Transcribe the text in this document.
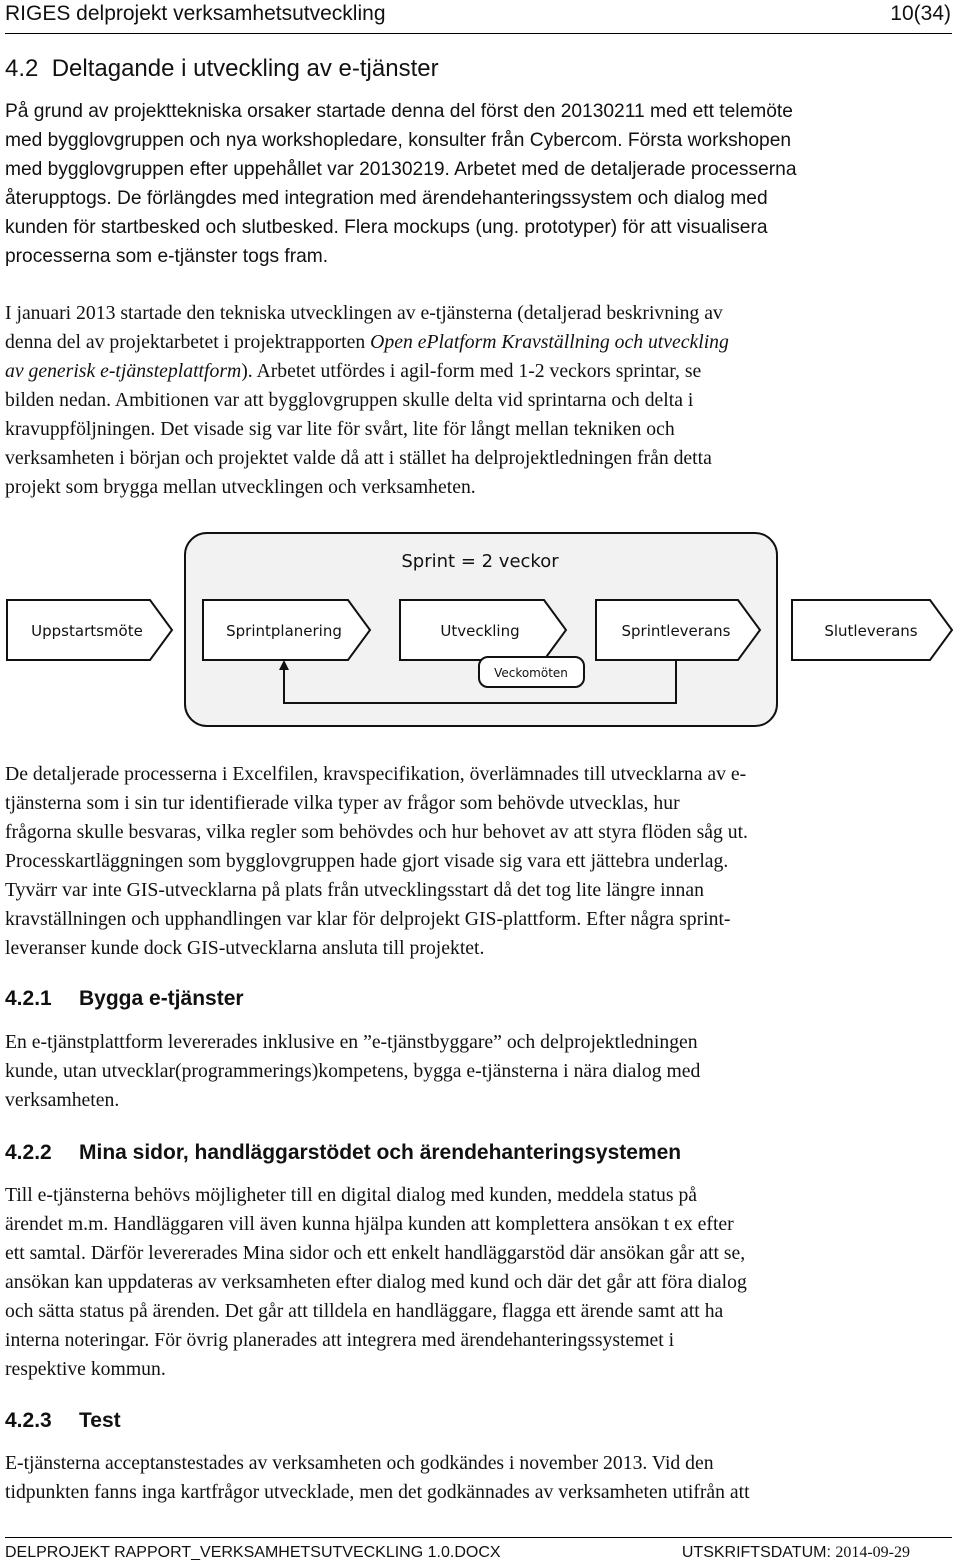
RIGES delprojekt verksamhetsutveckling	10(34)
4.2  Deltagande i utveckling av e-tjänster
På grund av projekttekniska orsaker startade denna del först den 20130211 med ett telemöte
med bygglovgruppen och nya workshopledare, konsulter från Cybercom. Första workshopen
med bygglovgruppen efter uppehållet var 20130219. Arbetet med de detaljerade processerna
återupptogs. De förlängdes med integration med ärendehanteringssystem och dialog med
kunden för startbesked och slutbesked. Flera mockups (ung. prototyper) för att visualisera
processerna som e-tjänster togs fram.
I januari 2013 startade den tekniska utvecklingen av e-tjänsterna (detaljerad beskrivning av
denna del av projektarbetet i projektrapporten Open ePlatform Kravställning och utveckling
av generisk e-tjänsteplattform). Arbetet utfördes i agil-form med 1-2 veckors sprintar, se
bilden nedan. Ambitionen var att bygglovgruppen skulle delta vid sprintarna och delta i
kravuppföljningen. Det visade sig var lite för svårt, lite för långt mellan tekniken och
verksamheten i början och projektet valde då att i stället ha delprojektledningen från detta
projekt som brygga mellan utvecklingen och verksamheten.
Sprint = 2 veckor
Uppstartsmöte	Sprintplanering	Utveckling	Sprintleverans	Slutleverans
Veckomöten
De detaljerade processerna i Excelfilen, kravspecifikation, överlämnades till utvecklarna av e-
tjänsterna som i sin tur identifierade vilka typer av frågor som behövde utvecklas, hur
frågorna skulle besvaras, vilka regler som behövdes och hur behovet av att styra flöden såg ut.
Processkartläggningen som bygglovgruppen hade gjort visade sig vara ett jättebra underlag.
Tyvärr var inte GIS-utvecklarna på plats från utvecklingsstart då det tog lite längre innan
kravställningen och upphandlingen var klar för delprojekt GIS-plattform. Efter några sprint-
leveranser kunde dock GIS-utvecklarna ansluta till projektet.
4.2.1 Bygga e-tjänster
En e-tjänstplattform levererades inklusive en ”e-tjänstbyggare” och delprojektledningen
kunde, utan utvecklar(programmerings)kompetens, bygga e-tjänsterna i nära dialog med
verksamheten.
4.2.2 Mina sidor, handläggarstödet och ärendehanteringsystemen
Till e-tjänsterna behövs möjligheter till en digital dialog med kunden, meddela status på
ärendet m.m. Handläggaren vill även kunna hjälpa kunden att komplettera ansökan t ex efter
ett samtal. Därför levererades Mina sidor och ett enkelt handläggarstöd där ansökan går att se,
ansökan kan uppdateras av verksamheten efter dialog med kund och där det går att föra dialog
och sätta status på ärenden. Det går att tilldela en handläggare, flagga ett ärende samt att ha
interna noteringar. För övrig planerades att integrera med ärendehanteringssystemet i
respektive kommun.
4.2.3 Test
E-tjänsterna acceptanstestades av verksamheten och godkändes i november 2013. Vid den
tidpunkten fanns inga kartfrågor utvecklade, men det godkännades av verksamheten utifrån att
DELPROJEKT RAPPORT_VERKSAMHETSUTVECKLING 1.0.DOCX	UTSKRIFTSDATUM: 2014-09-29
